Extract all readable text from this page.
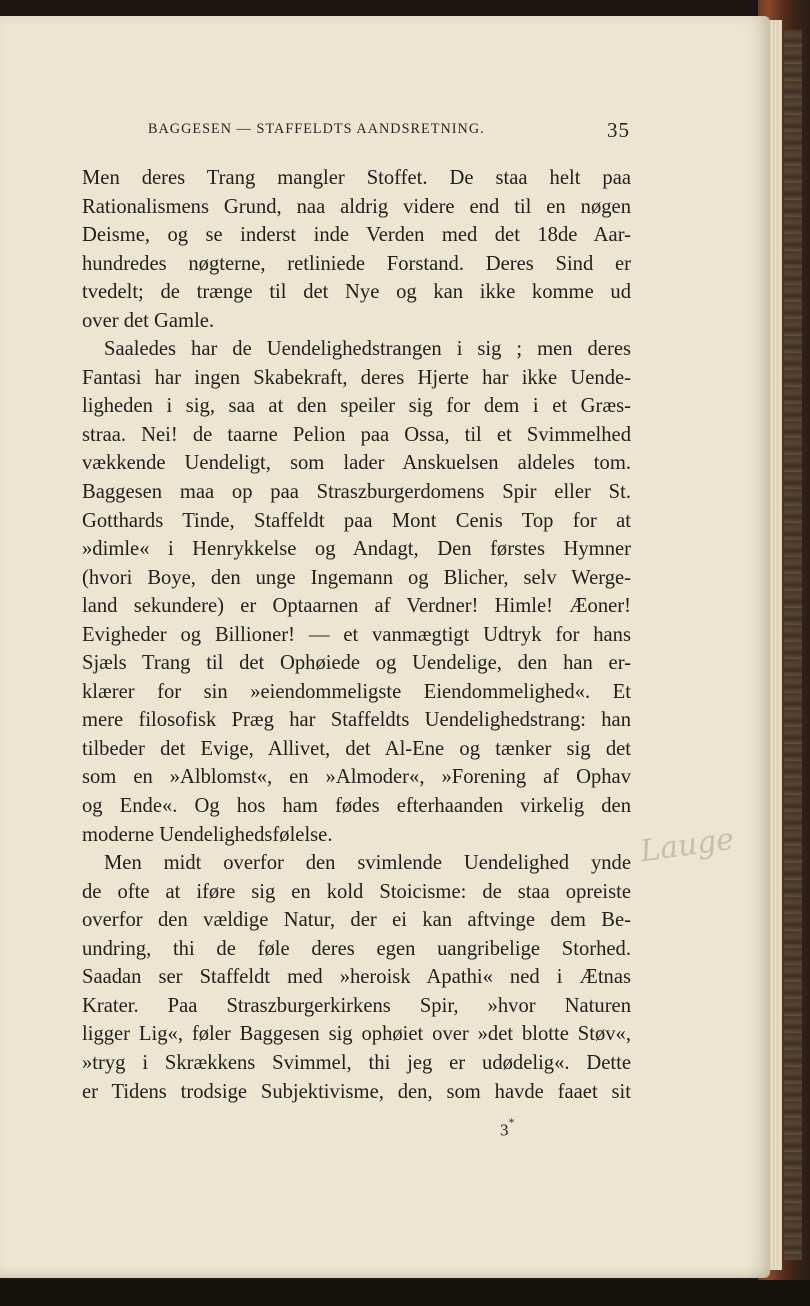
BAGGESEN — STAFFELDTS AANDSRETNING.	35
Men deres Trang mangler Stoffet. De staa helt paa
Rationalismens Grund, naa aldrig videre end til en nøgen
Deisme, og se inderst inde Verden med det 18de Aar-
hundredes nøgterne, retliniede Forstand. Deres Sind er
tvedelt; de trænge til det Nye og kan ikke komme ud
over det Gamle.
Saaledes har de Uendelighedstrangen i sig ; men deres
Fantasi har ingen Skabekraft, deres Hjerte har ikke Uende-
ligheden i sig, saa at den speiler sig for dem i et Græs-
straa. Nei! de taarne Pelion paa Ossa, til et Svimmelhed
vækkende Uendeligt, som lader Anskuelsen aldeles tom.
Baggesen maa op paa Straszburgerdomens Spir eller St.
Gotthards Tinde, Staffeldt paa Mont Cenis Top for at
»dimle« i Henrykkelse og Andagt, Den førstes Hymner
(hvori Boye, den unge Ingemann og Blicher, selv Werge-
land sekundere) er Optaarnen af Verdner! Himle! Æoner!
Evigheder og Billioner! — et vanmægtigt Udtryk for hans
Sjæls Trang til det Ophøiede og Uendelige, den han er-
klærer for sin »eiendommeligste Eiendommelighed«. Et
mere filosofisk Præg har Staffeldts Uendelighedstrang: han
tilbeder det Evige, Allivet, det Al-Ene og tænker sig det
som en »Alblomst«, en »Almoder«, »Forening af Ophav
og Ende«. Og hos ham fødes efterhaanden virkelig den
moderne Uendelighedsfølelse.
Men midt overfor den svimlende Uendelighed ynde
de ofte at iføre sig en kold Stoicisme: de staa opreiste
overfor den vældige Natur, der ei kan aftvinge dem Be-
undring, thi de føle deres egen uangribelige Storhed.
Saadan ser Staffeldt med »heroisk Apathi« ned i Ætnas
Krater. Paa Straszburgerkirkens Spir, »hvor Naturen
ligger Lig«, føler Baggesen sig ophøiet over »det blotte Støv«,
»tryg i Skrækkens Svimmel, thi jeg er udødelig«. Dette
er Tidens trodsige Subjektivisme, den, som havde faaet sit
3*
Lauge
